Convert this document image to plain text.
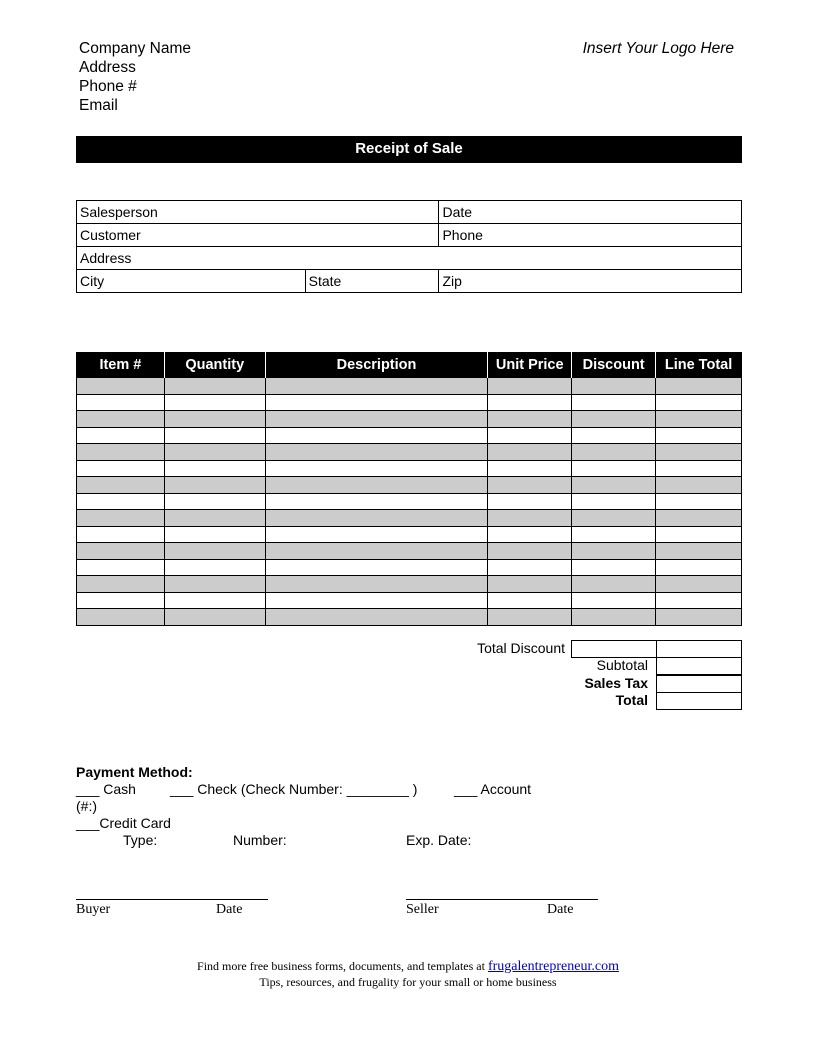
Company Name
Address
Phone #
Email
Insert Your Logo Here
Receipt of Sale
Salesperson		Date
Customer		Phone
Address		
City	State	Zip
Item #	Quantity	Description	Unit Price	Discount	Line Total

Total Discount
Subtotal
Sales Tax
Total
Payment Method:
___ Cash ___ Check (Check Number: ________ )	___ Account
(#:)
___Credit Card
Type:	Number:	Exp. Date:
Buyer	Date	Seller	Date
Find more free business forms, documents, and templates at frugalentrepreneur.com
Tips, resources, and frugality for your small or home business
